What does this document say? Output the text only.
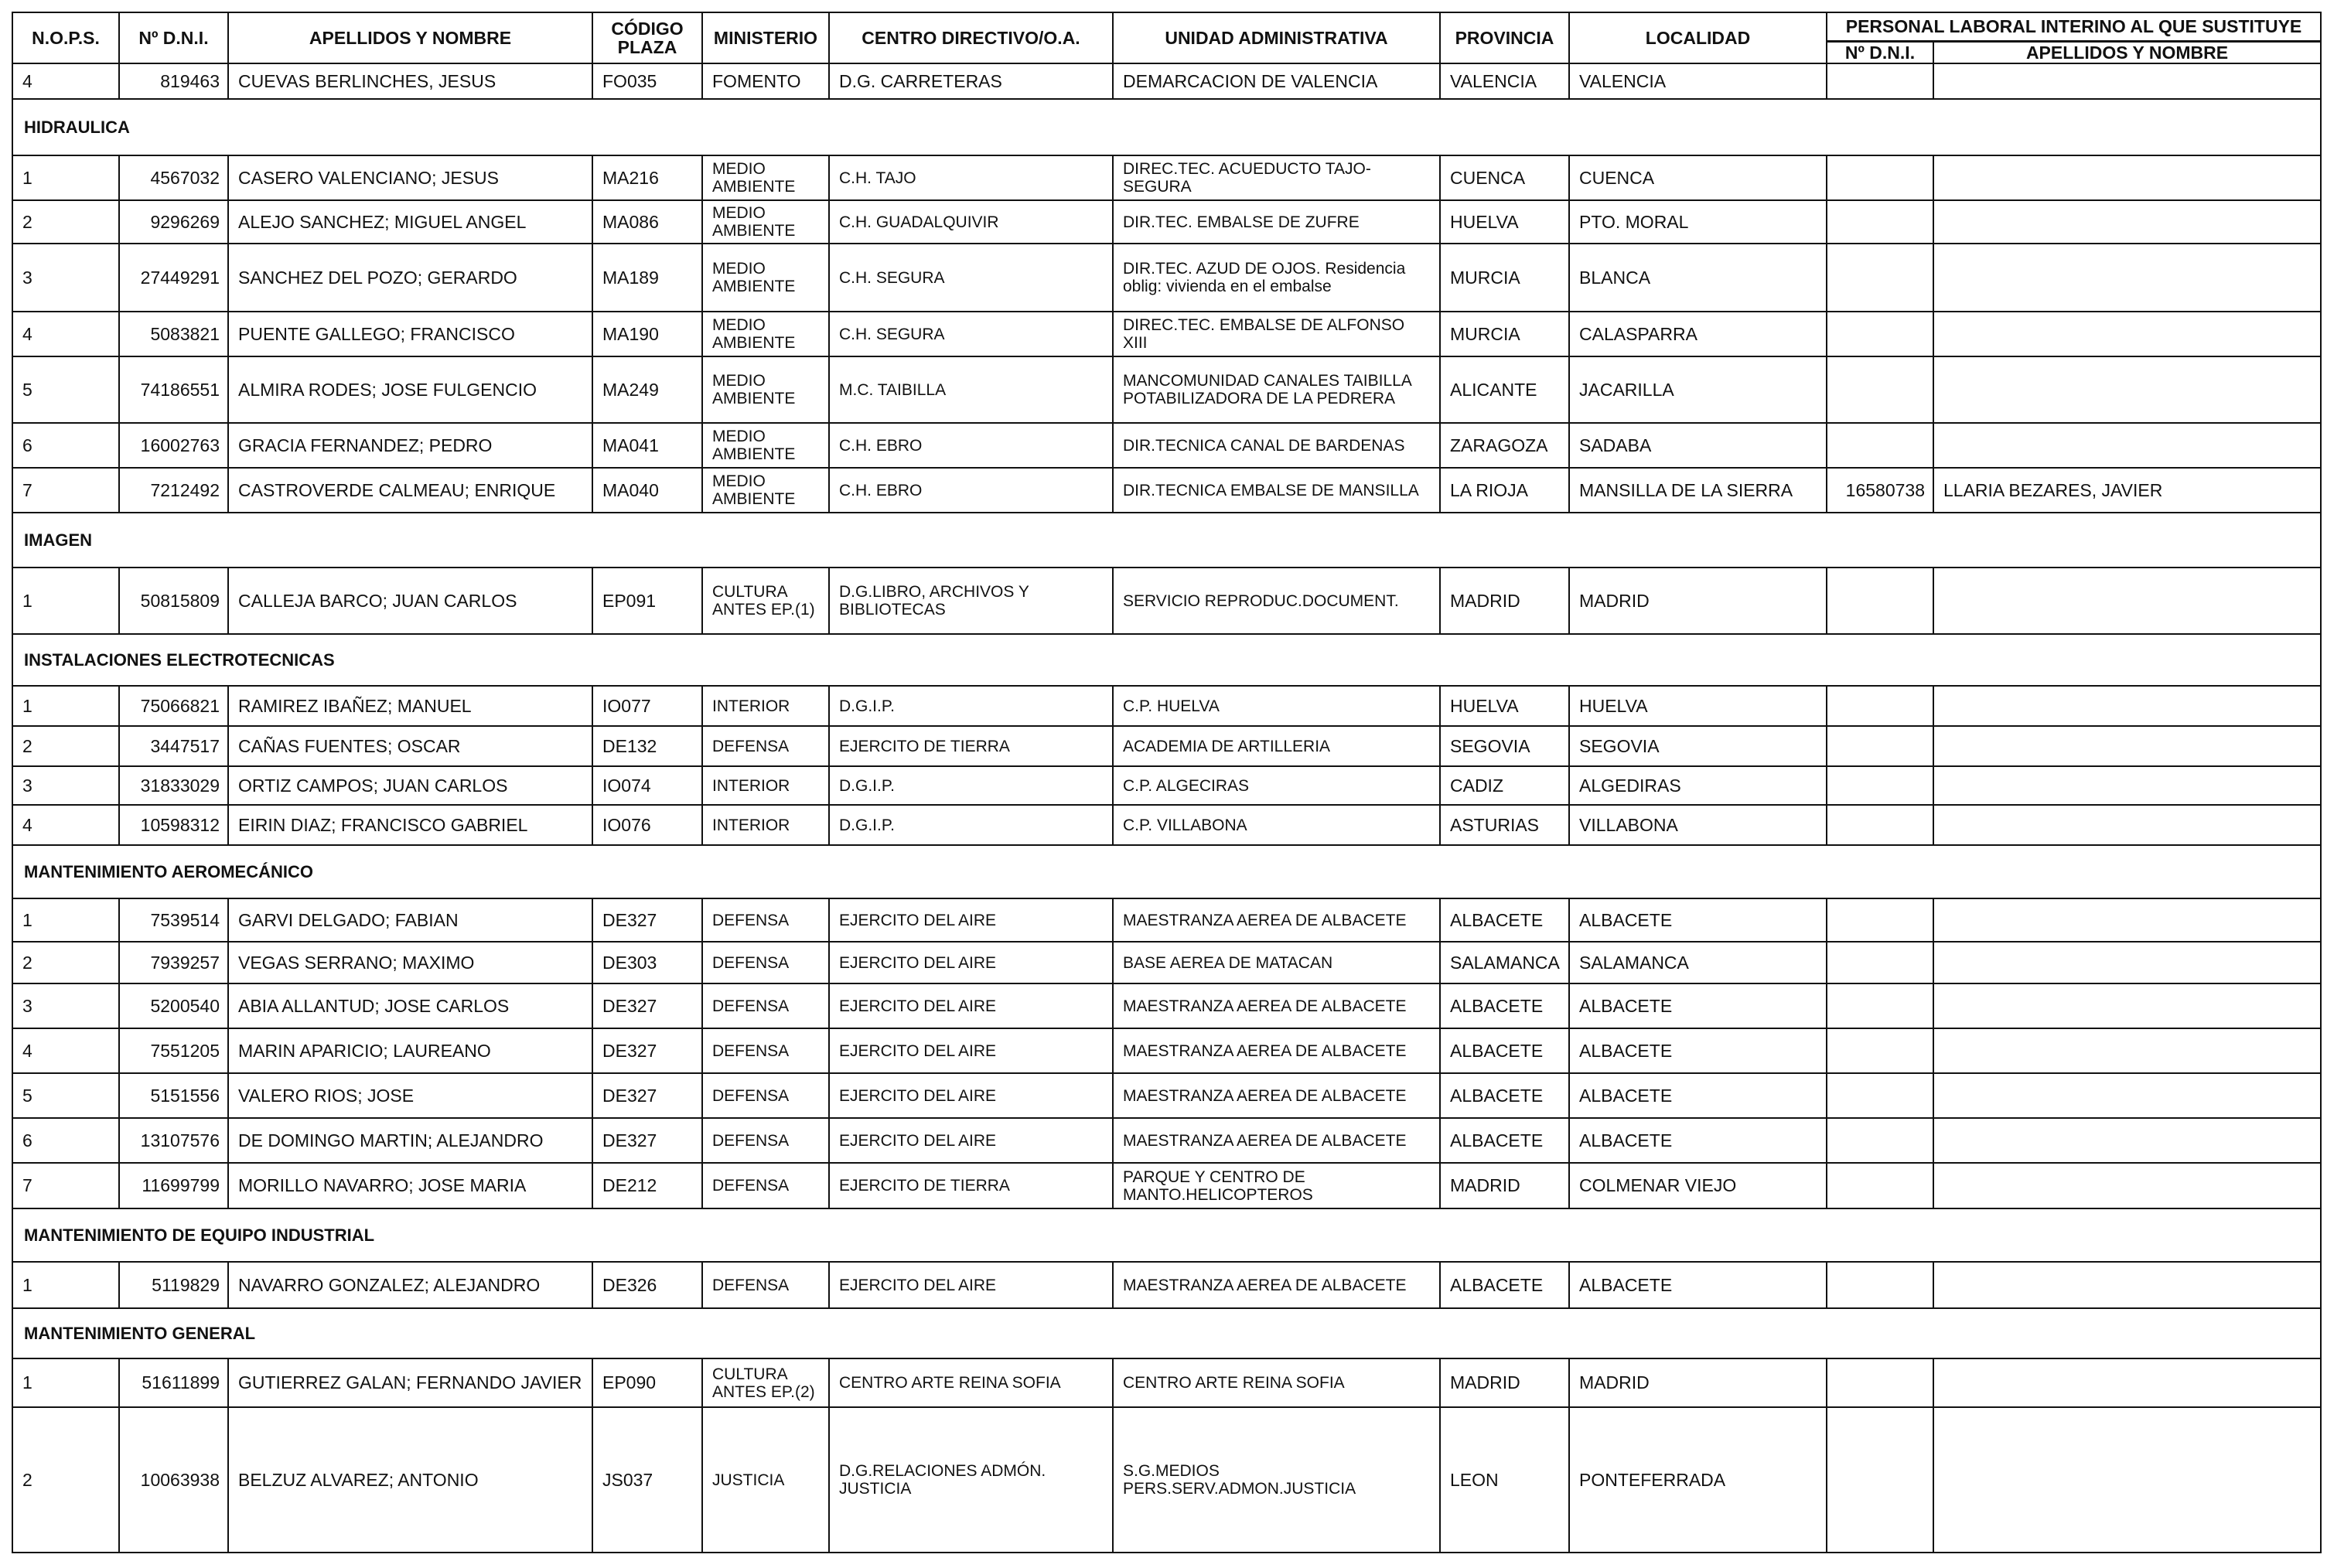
N.O.P.S.	Nº D.N.I.	APELLIDOS Y NOMBRE	CÓDIGO PLAZA	MINISTERIO	CENTRO DIRECTIVO/O.A.	UNIDAD ADMINISTRATIVA	PROVINCIA	LOCALIDAD	PERSONAL LABORAL INTERINO AL QUE SUSTITUYE	
									Nº D.N.I.	APELLIDOS Y NOMBRE
4	819463	CUEVAS BERLINCHES, JESUS	FO035	FOMENTO	D.G. CARRETERAS	DEMARCACION DE VALENCIA	VALENCIA	VALENCIA		
HIDRAULICA										
1	4567032	CASERO VALENCIANO; JESUS	MA216	MEDIO AMBIENTE	C.H. TAJO	DIREC.TEC. ACUEDUCTO TAJO-SEGURA	CUENCA	CUENCA		
2	9296269	ALEJO SANCHEZ; MIGUEL ANGEL	MA086	MEDIO AMBIENTE	C.H. GUADALQUIVIR	DIR.TEC. EMBALSE DE ZUFRE	HUELVA	PTO. MORAL		
3	27449291	SANCHEZ DEL POZO; GERARDO	MA189	MEDIO AMBIENTE	C.H. SEGURA	DIR.TEC. AZUD DE OJOS. Residencia oblig: vivienda en el embalse	MURCIA	BLANCA		
4	5083821	PUENTE GALLEGO; FRANCISCO	MA190	MEDIO AMBIENTE	C.H. SEGURA	DIREC.TEC. EMBALSE DE ALFONSO XIII	MURCIA	CALASPARRA		
5	74186551	ALMIRA RODES; JOSE FULGENCIO	MA249	MEDIO AMBIENTE	M.C. TAIBILLA	MANCOMUNIDAD CANALES TAIBILLA POTABILIZADORA DE LA PEDRERA	ALICANTE	JACARILLA		
6	16002763	GRACIA FERNANDEZ; PEDRO	MA041	MEDIO AMBIENTE	C.H. EBRO	DIR.TECNICA CANAL DE BARDENAS	ZARAGOZA	SADABA		
7	7212492	CASTROVERDE CALMEAU; ENRIQUE	MA040	MEDIO AMBIENTE	C.H. EBRO	DIR.TECNICA EMBALSE DE MANSILLA	LA RIOJA	MANSILLA DE LA SIERRA	16580738	LLARIA BEZARES, JAVIER
IMAGEN										
1	50815809	CALLEJA BARCO; JUAN CARLOS	EP091	CULTURA ANTES EP.(1)	D.G.LIBRO, ARCHIVOS Y BIBLIOTECAS	SERVICIO REPRODUC.DOCUMENT.	MADRID	MADRID		
INSTALACIONES ELECTROTECNICAS										
1	75066821	RAMIREZ IBAÑEZ; MANUEL	IO077	INTERIOR	D.G.I.P.	C.P. HUELVA	HUELVA	HUELVA		
2	3447517	CAÑAS FUENTES; OSCAR	DE132	DEFENSA	EJERCITO DE TIERRA	ACADEMIA DE ARTILLERIA	SEGOVIA	SEGOVIA		
3	31833029	ORTIZ CAMPOS; JUAN CARLOS	IO074	INTERIOR	D.G.I.P.	C.P. ALGECIRAS	CADIZ	ALGEDIRAS		
4	10598312	EIRIN DIAZ; FRANCISCO GABRIEL	IO076	INTERIOR	D.G.I.P.	C.P. VILLABONA	ASTURIAS	VILLABONA		
MANTENIMIENTO AEROMECÁNICO										
1	7539514	GARVI DELGADO; FABIAN	DE327	DEFENSA	EJERCITO DEL AIRE	MAESTRANZA AEREA DE ALBACETE	ALBACETE	ALBACETE		
2	7939257	VEGAS SERRANO; MAXIMO	DE303	DEFENSA	EJERCITO DEL AIRE	BASE AEREA DE MATACAN	SALAMANCA	SALAMANCA		
3	5200540	ABIA ALLANTUD; JOSE CARLOS	DE327	DEFENSA	EJERCITO DEL AIRE	MAESTRANZA AEREA DE ALBACETE	ALBACETE	ALBACETE		
4	7551205	MARIN APARICIO; LAUREANO	DE327	DEFENSA	EJERCITO DEL AIRE	MAESTRANZA AEREA DE ALBACETE	ALBACETE	ALBACETE		
5	5151556	VALERO RIOS; JOSE	DE327	DEFENSA	EJERCITO DEL AIRE	MAESTRANZA AEREA DE ALBACETE	ALBACETE	ALBACETE		
6	13107576	DE DOMINGO MARTIN; ALEJANDRO	DE327	DEFENSA	EJERCITO DEL AIRE	MAESTRANZA AEREA DE ALBACETE	ALBACETE	ALBACETE		
7	11699799	MORILLO NAVARRO; JOSE MARIA	DE212	DEFENSA	EJERCITO DE TIERRA	PARQUE Y CENTRO DE MANTO.HELICOPTEROS	MADRID	COLMENAR VIEJO		
MANTENIMIENTO DE EQUIPO INDUSTRIAL										
1	5119829	NAVARRO GONZALEZ; ALEJANDRO	DE326	DEFENSA	EJERCITO DEL AIRE	MAESTRANZA AEREA DE ALBACETE	ALBACETE	ALBACETE		
MANTENIMIENTO GENERAL										
1	51611899	GUTIERREZ GALAN; FERNANDO JAVIER	EP090	CULTURA ANTES EP.(2)	CENTRO ARTE REINA SOFIA	CENTRO ARTE REINA SOFIA	MADRID	MADRID		
2	10063938	BELZUZ ALVAREZ; ANTONIO	JS037	JUSTICIA	D.G.RELACIONES ADMÓN. JUSTICIA	S.G.MEDIOS PERS.SERV.ADMON.JUSTICIA	LEON	PONTEFERRADA		
